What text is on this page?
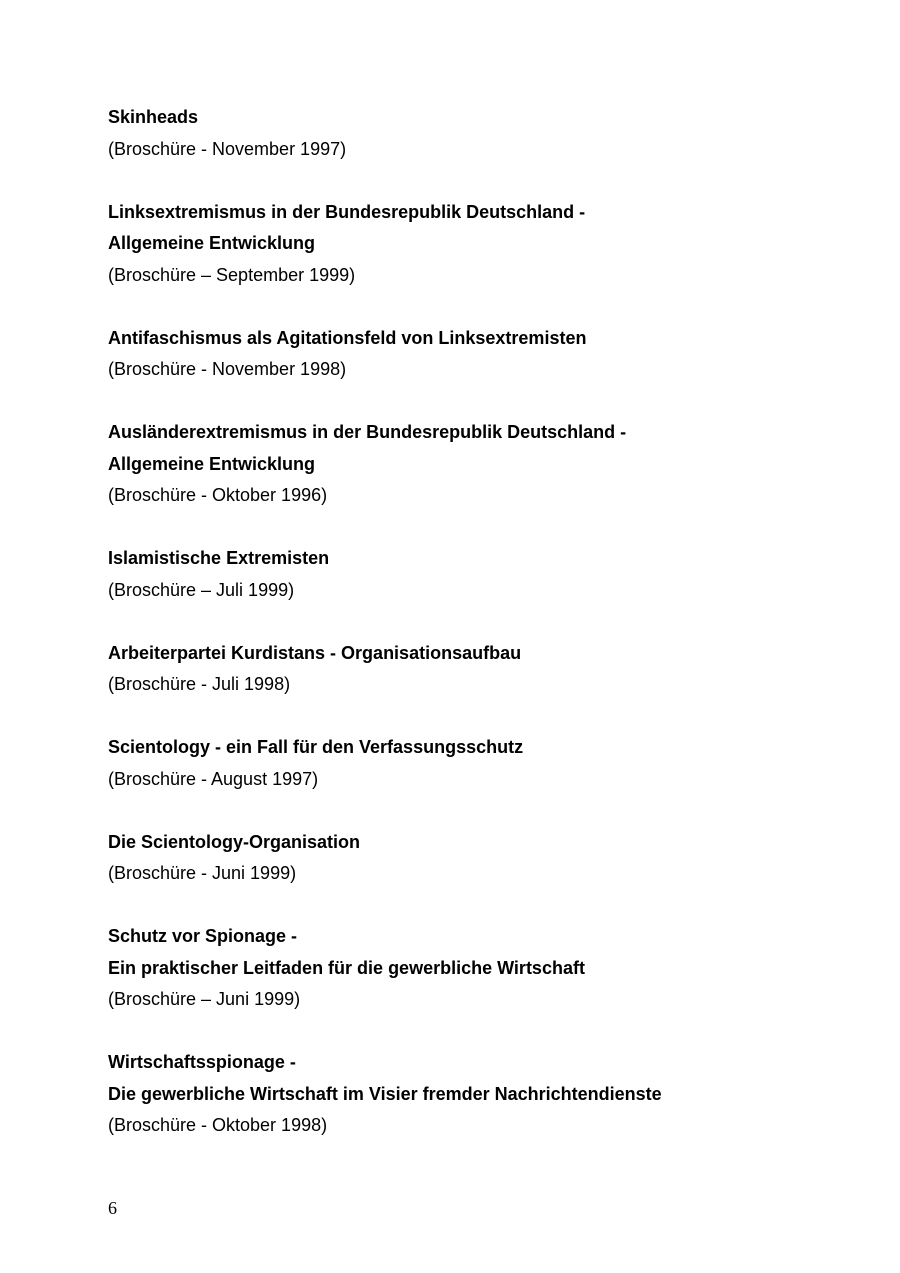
Skinheads
(Broschüre - November 1997)
Linksextremismus in der Bundesrepublik Deutschland -
Allgemeine Entwicklung
(Broschüre – September 1999)
Antifaschismus als Agitationsfeld von Linksextremisten
(Broschüre - November 1998)
Ausländerextremismus in der Bundesrepublik Deutschland -
Allgemeine Entwicklung
(Broschüre - Oktober 1996)
Islamistische Extremisten
(Broschüre – Juli 1999)
Arbeiterpartei Kurdistans - Organisationsaufbau
(Broschüre - Juli 1998)
Scientology - ein Fall für den Verfassungsschutz
(Broschüre - August 1997)
Die Scientology-Organisation
(Broschüre - Juni 1999)
Schutz vor Spionage -
Ein praktischer Leitfaden für die gewerbliche Wirtschaft
(Broschüre – Juni 1999)
Wirtschaftsspionage -
Die gewerbliche Wirtschaft im Visier fremder Nachrichtendienste
(Broschüre - Oktober 1998)
6
